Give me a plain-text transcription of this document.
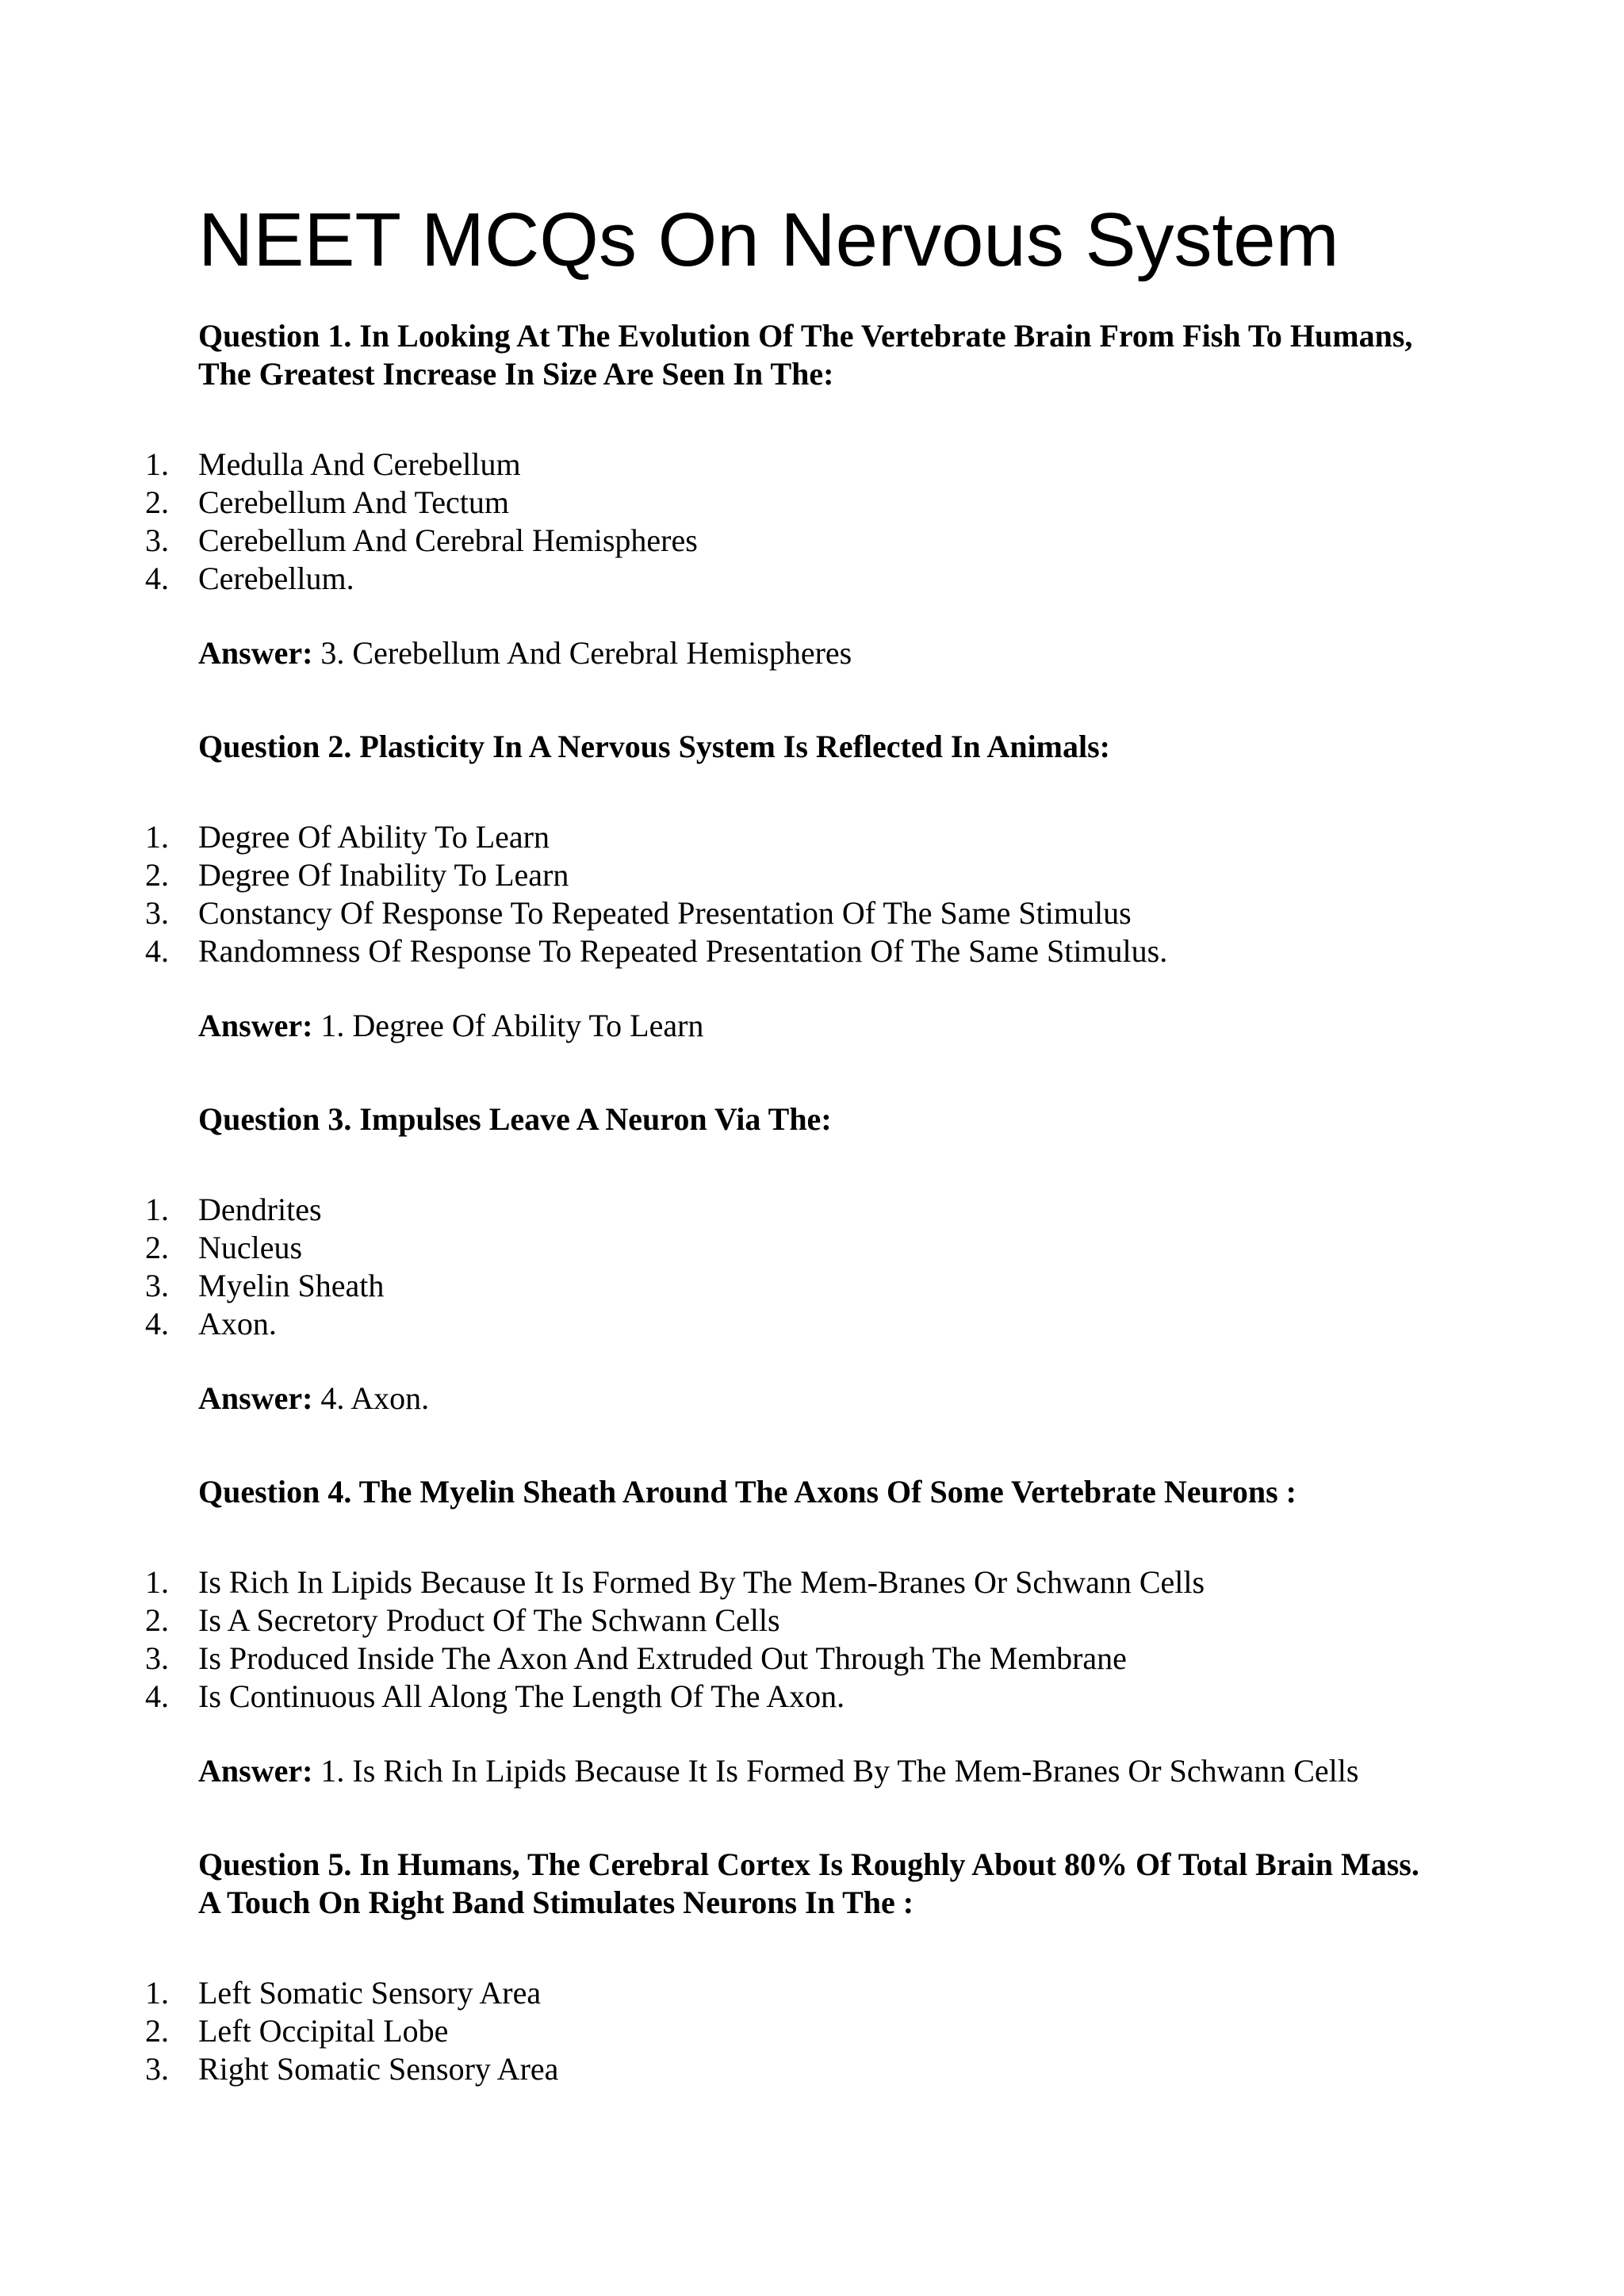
NEET MCQs On Nervous System

Question 1. In Looking At The Evolution Of The Vertebrate Brain From Fish To Humans, The Greatest Increase In Size Are Seen In The:

1. Medulla And Cerebellum
2. Cerebellum And Tectum
3. Cerebellum And Cerebral Hemispheres
4. Cerebellum.

Answer: 3. Cerebellum And Cerebral Hemispheres

Question 2. Plasticity In A Nervous System Is Reflected In Animals:

1. Degree Of Ability To Learn
2. Degree Of Inability To Learn
3. Constancy Of Response To Repeated Presentation Of The Same Stimulus
4. Randomness Of Response To Repeated Presentation Of The Same Stimulus.

Answer: 1. Degree Of Ability To Learn

Question 3. Impulses Leave A Neuron Via The:

1. Dendrites
2. Nucleus
3. Myelin Sheath
4. Axon.

Answer: 4. Axon.

Question 4. The Myelin Sheath Around The Axons Of Some Vertebrate Neurons :

1. Is Rich In Lipids Because It Is Formed By The Mem-Branes Or Schwann Cells
2. Is A Secretory Product Of The Schwann Cells
3. Is Produced Inside The Axon And Extruded Out Through The Membrane
4. Is Continuous All Along The Length Of The Axon.

Answer: 1. Is Rich In Lipids Because It Is Formed By The Mem-Branes Or Schwann Cells

Question 5. In Humans, The Cerebral Cortex Is Roughly About 80% Of Total Brain Mass. A Touch On Right Band Stimulates Neurons In The :

1. Left Somatic Sensory Area
2. Left Occipital Lobe
3. Right Somatic Sensory Area
